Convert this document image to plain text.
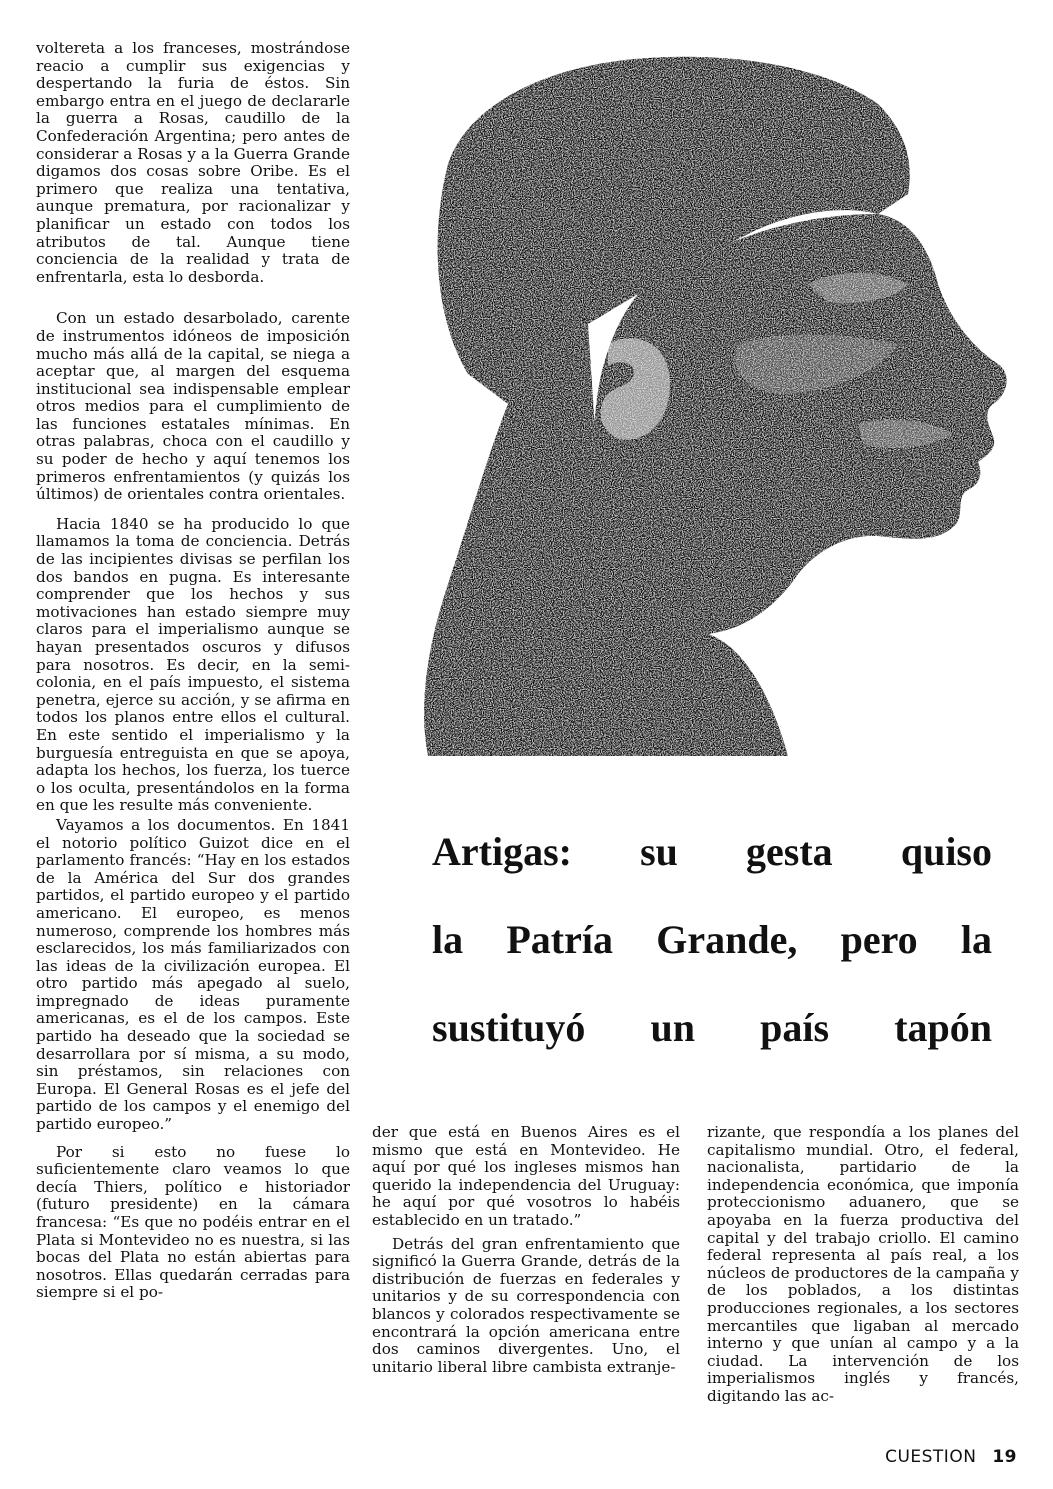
voltereta a los franceses, mostrándose reacio a cumplir sus exigencias y despertando la furia de éstos. Sin embargo entra en el juego de declararle la guerra a Rosas, caudillo de la Confederación Argentina; pero antes de considerar a Rosas y a la Guerra Grande digamos dos cosas sobre Oribe. Es el primero que realiza una tentativa, aunque prematura, por racionalizar y planificar un estado con todos los atributos de tal. Aunque tiene conciencia de la realidad y trata de enfrentarla, esta lo desborda.

Con un estado desarbolado, carente de instrumentos idóneos de imposición mucho más allá de la capital, se niega a aceptar que, al margen del esquema institucional sea indispensable emplear otros medios para el cumplimiento de las funciones estatales mínimas. En otras palabras, choca con el caudillo y su poder de hecho y aquí tenemos los primeros enfrentamientos (y quizás los últimos) de orientales contra orientales.

Hacia 1840 se ha producido lo que llamamos la toma de conciencia. Detrás de las incipientes divisas se perfilan los dos bandos en pugna. Es interesante comprender que los hechos y sus motivaciones han estado siempre muy claros para el imperialismo aunque se hayan presentados oscuros y difusos para nosotros. Es decir, en la semi-colonia, en el país impuesto, el sistema penetra, ejerce su acción, y se afirma en todos los planos entre ellos el cultural. En este sentido el imperialismo y la burguesía entreguista en que se apoya, adapta los hechos, los fuerza, los tuerce o los oculta, presentándolos en la forma en que les resulte más conveniente.

Vayamos a los documentos. En 1841 el notorio político Guizot dice en el parlamento francés: “Hay en los estados de la América del Sur dos grandes partidos, el partido europeo y el partido americano. El europeo, es menos numeroso, comprende los hombres más esclarecidos, los más familiarizados con las ideas de la civilización europea. El otro partido más apegado al suelo, impregnado de ideas puramente americanas, es el de los campos. Este partido ha deseado que la sociedad se desarrollara por sí misma, a su modo, sin préstamos, sin relaciones con Europa. El General Rosas es el jefe del partido de los campos y el enemigo del partido europeo.”

Por si esto no fuese lo suficientemente claro veamos lo que decía Thiers, político e historiador (futuro presidente) en la cámara francesa: “Es que no podéis entrar en el Plata si Montevideo no es nuestra, si las bocas del Plata no están abiertas para nosotros. Ellas quedarán cerradas para siempre si el po-

Artigas: su gesta quiso
la Patría Grande, pero la
sustituyó un país tapón

der que está en Buenos Aires es el mismo que está en Montevideo. He aquí por qué los ingleses mismos han querido la independencia del Uruguay: he aquí por qué vosotros lo habéis establecido en un tratado.”

Detrás del gran enfrentamiento que significó la Guerra Grande, detrás de la distribución de fuerzas en federales y unitarios y de su correspondencia con blancos y colorados respectivamente se encontrará la opción americana entre dos caminos divergentes. Uno, el unitario liberal libre cambista extranje-

rizante, que respondía a los planes del capitalismo mundial. Otro, el federal, nacionalista, partidario de la independencia económica, que imponía proteccionismo aduanero, que se apoyaba en la fuerza productiva del capital y del trabajo criollo. El camino federal representa al país real, a los núcleos de productores de la campaña y de los poblados, a los distintas producciones regionales, a los sectores mercantiles que ligaban al mercado interno y que unían al campo y a la ciudad. La intervención de los imperialismos inglés y francés, digitando las ac-

CUESTION 19
